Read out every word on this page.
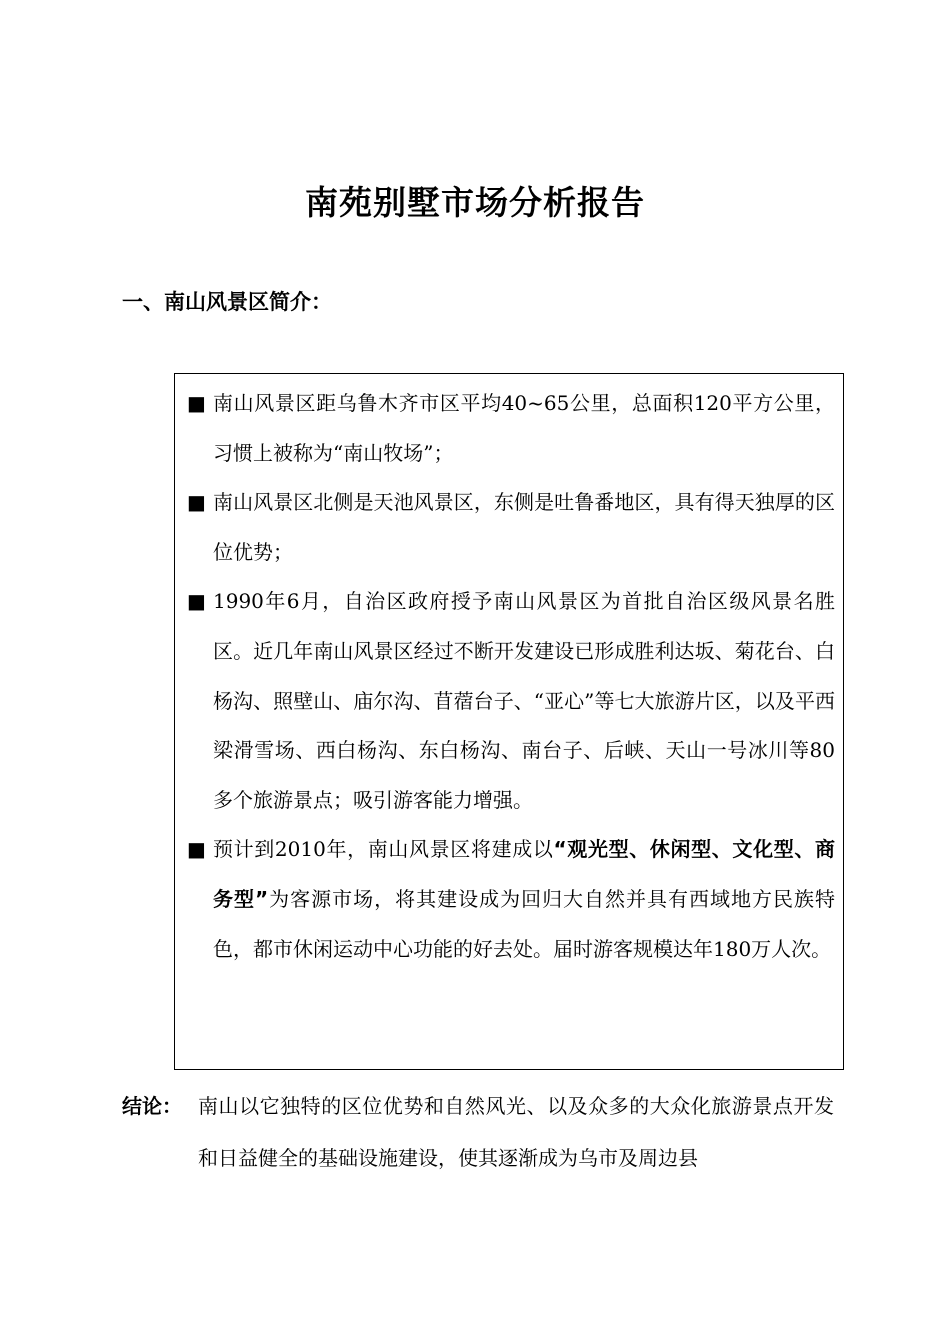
南苑别墅市场分析报告
一、南山风景区简介：
■ 南山风景区距乌鲁木齐市区平均40~65公里，总面积120平方公里，习惯上被称为“南山牧场”；
■ 南山风景区北侧是天池风景区，东侧是吐鲁番地区，具有得天独厚的区位优势；
■ 1990年6月，自治区政府授予南山风景区为首批自治区级风景名胜区。近几年南山风景区经过不断开发建设已形成胜利达坂、菊花台、白杨沟、照壁山、庙尔沟、苜蓿台子、“亚心”等七大旅游片区，以及平西梁滑雪场、西白杨沟、东白杨沟、南台子、后峡、天山一号冰川等80多个旅游景点；吸引游客能力增强。
■ 预计到2010年，南山风景区将建成以“观光型、休闲型、文化型、商务型”为客源市场，将其建设成为回归大自然并具有西域地方民族特色，都市休闲运动中心功能的好去处。届时游客规模达年180万人次。
结论： 南山以它独特的区位优势和自然风光、以及众多的大众化旅游景点开发和日益健全的基础设施建设，使其逐渐成为乌市及周边县
